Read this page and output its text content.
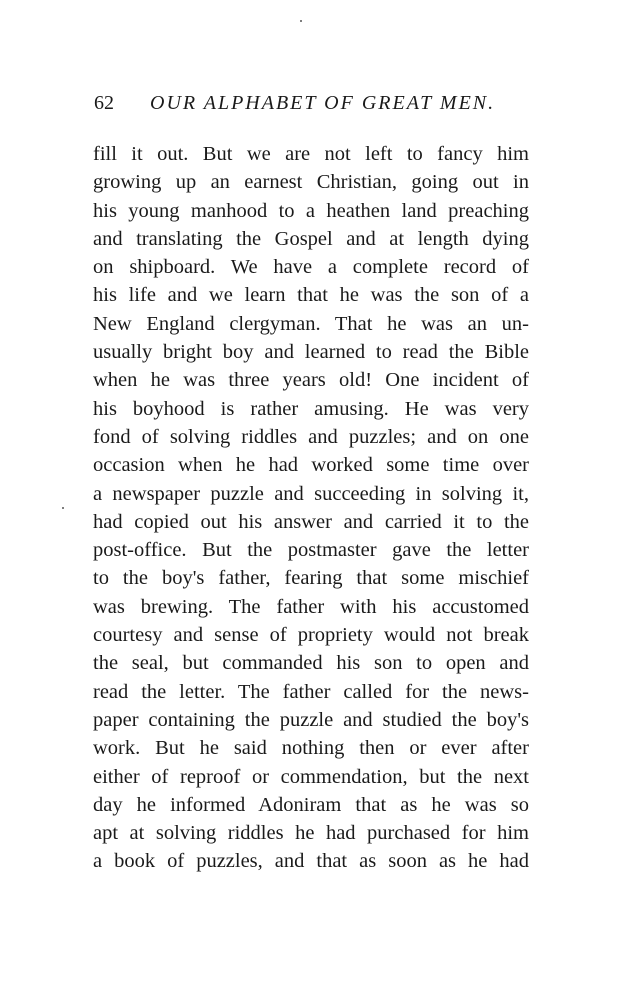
62 OUR ALPHABET OF GREAT MEN.
fill it out. But we are not left to fancy him
growing up an earnest Christian, going out in
his young manhood to a heathen land preaching
and translating the Gospel and at length dying
on shipboard. We have a complete record of
his life and we learn that he was the son of a
New England clergyman. That he was an un-
usually bright boy and learned to read the Bible
when he was three years old! One incident of
his boyhood is rather amusing. He was very
fond of solving riddles and puzzles; and on one
occasion when he had worked some time over
a newspaper puzzle and succeeding in solving it,
had copied out his answer and carried it to the
post-office. But the postmaster gave the letter
to the boy's father, fearing that some mischief
was brewing. The father with his accustomed
courtesy and sense of propriety would not break
the seal, but commanded his son to open and
read the letter. The father called for the news-
paper containing the puzzle and studied the boy's
work. But he said nothing then or ever after
either of reproof or commendation, but the next
day he informed Adoniram that as he was so
apt at solving riddles he had purchased for him
a book of puzzles, and that as soon as he had
